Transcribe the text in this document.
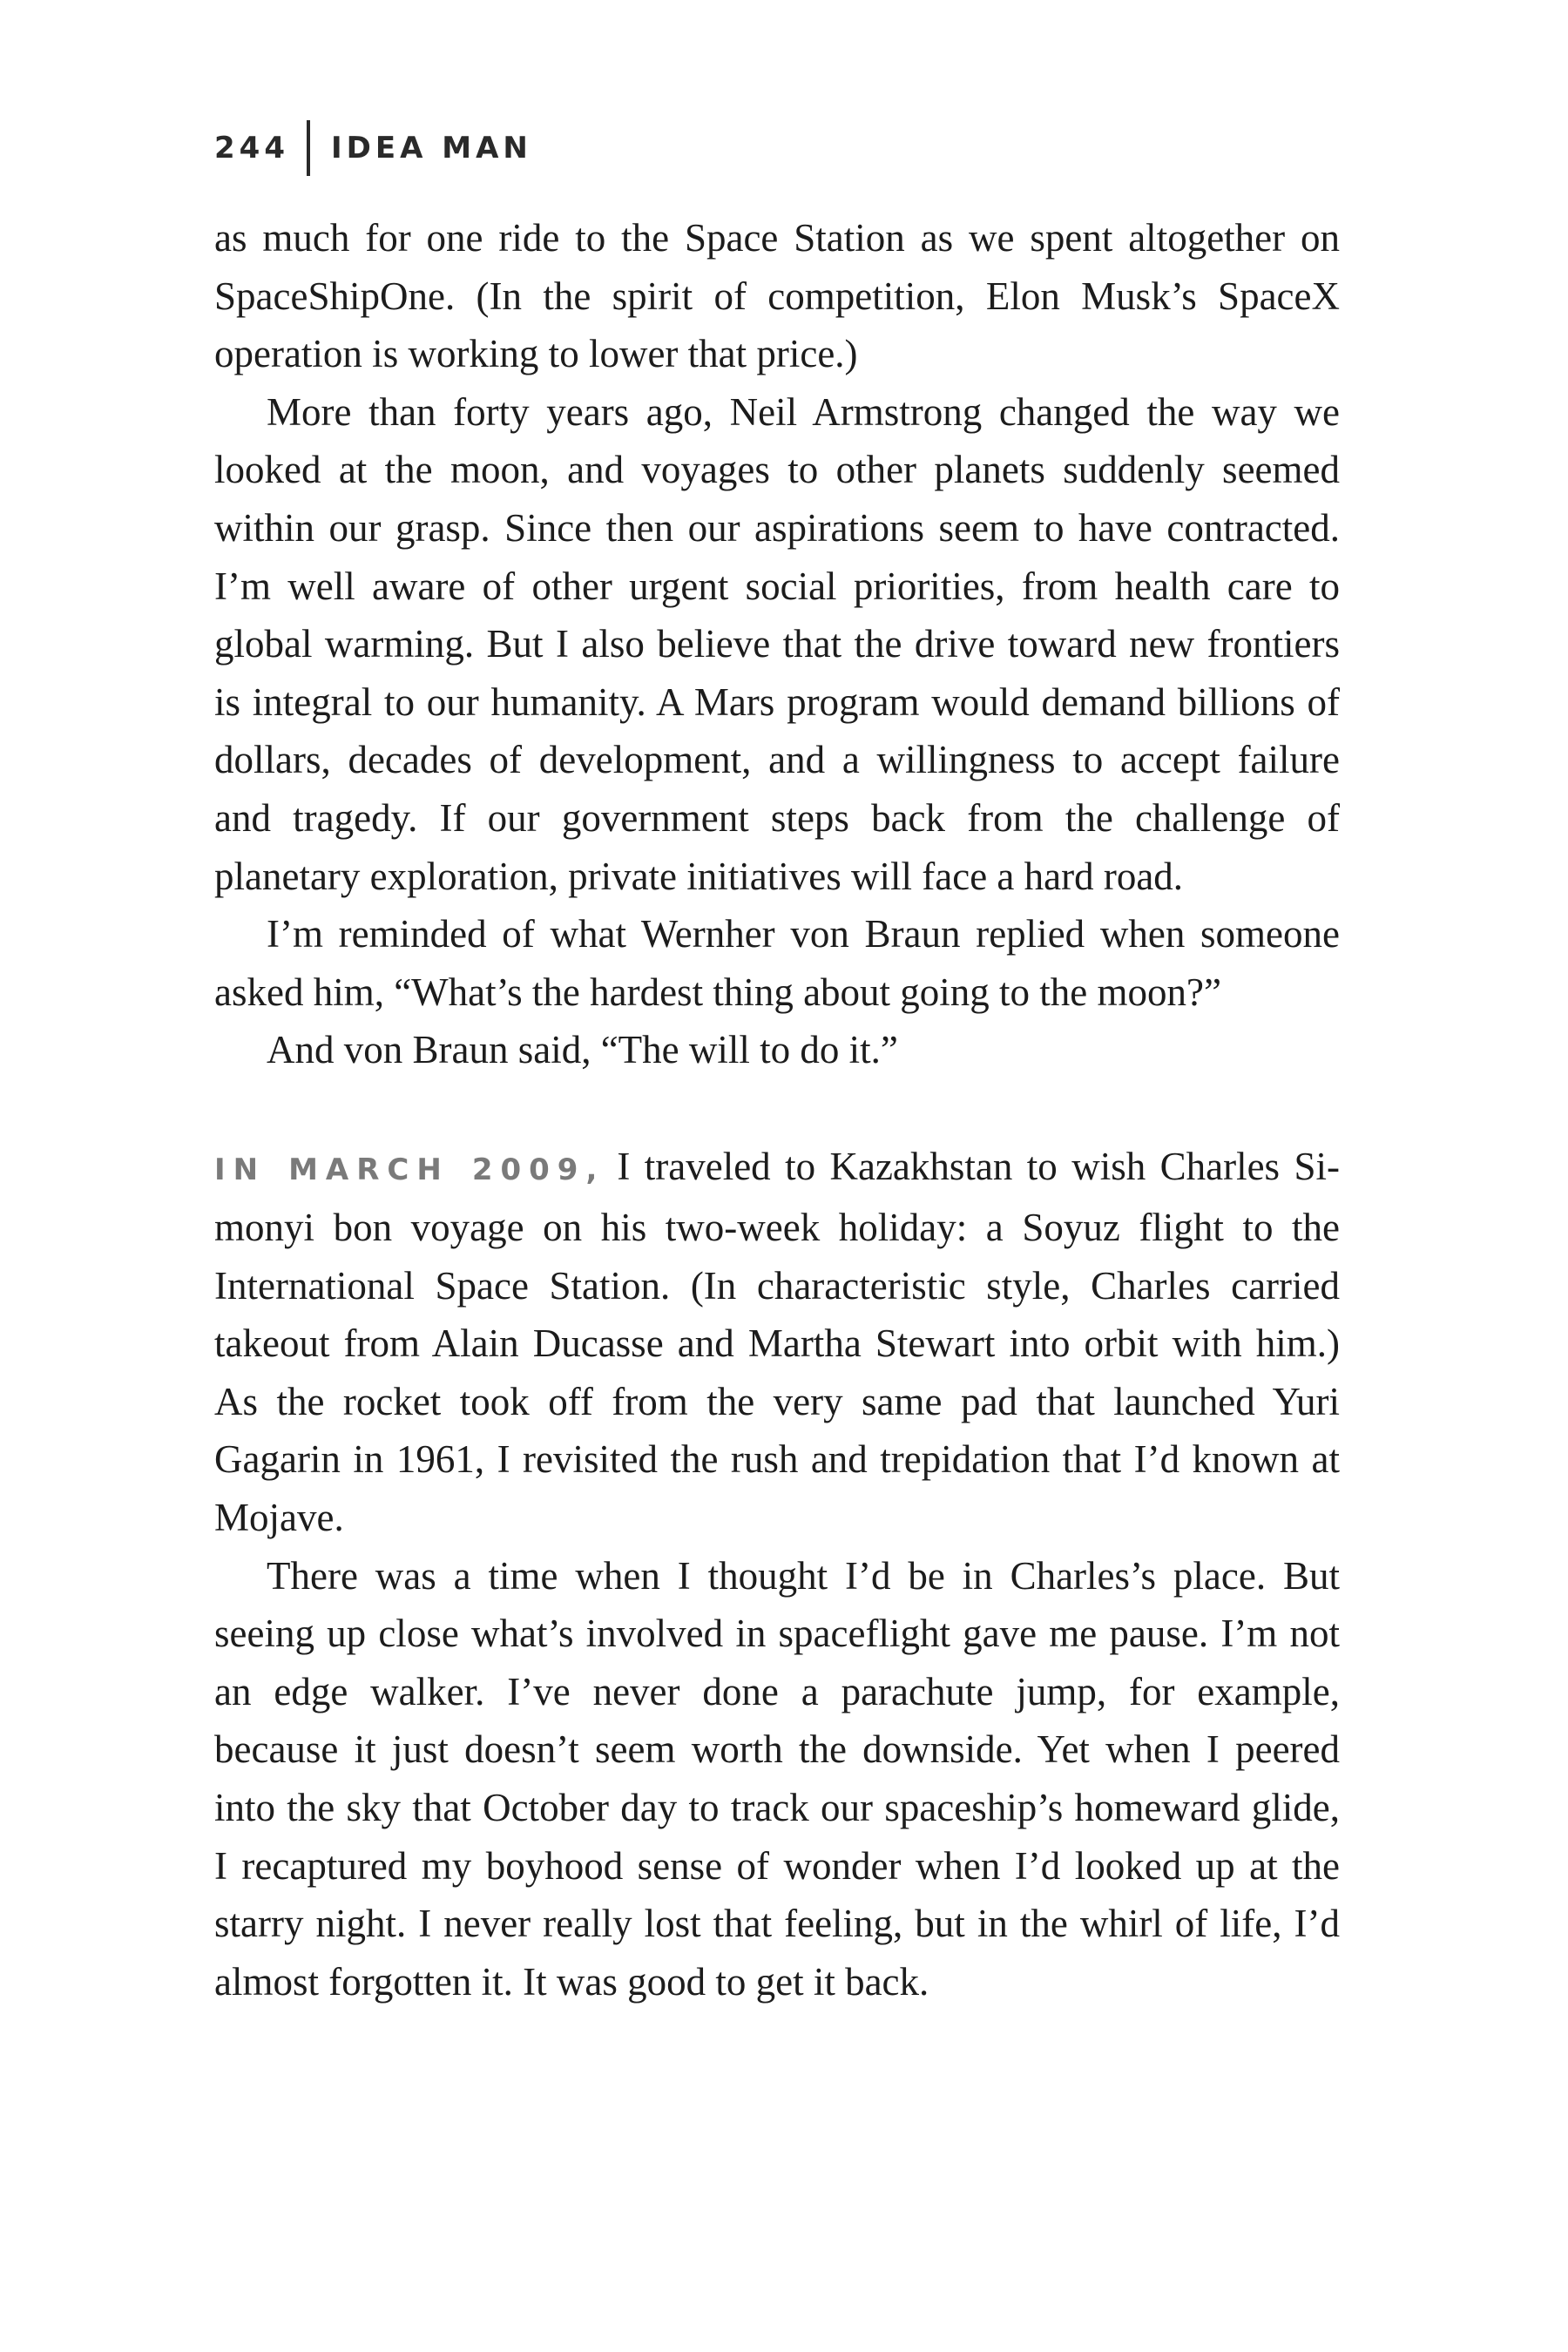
244 IDEA MAN

as much for one ride to the Space Station as we spent altogether on SpaceShipOne. (In the spirit of competition, Elon Musk’s SpaceX operation is working to lower that price.)

More than forty years ago, Neil Armstrong changed the way we looked at the moon, and voyages to other planets suddenly seemed within our grasp. Since then our aspirations seem to have contracted. I’m well aware of other urgent social priorities, from health care to global warming. But I also believe that the drive toward new frontiers is integral to our humanity. A Mars program would demand billions of dollars, decades of development, and a willingness to accept failure and tragedy. If our government steps back from the challenge of planetary exploration, private initiatives will face a hard road.

I’m reminded of what Wernher von Braun replied when someone asked him, “What’s the hardest thing about going to the moon?”

And von Braun said, “The will to do it.”

IN MARCH 2009, I traveled to Kazakhstan to wish Charles Simonyi bon voyage on his two-week holiday: a Soyuz flight to the International Space Station. (In characteristic style, Charles carried takeout from Alain Ducasse and Martha Stewart into orbit with him.) As the rocket took off from the very same pad that launched Yuri Gagarin in 1961, I revisited the rush and trepidation that I’d known at Mojave.

There was a time when I thought I’d be in Charles’s place. But seeing up close what’s involved in spaceflight gave me pause. I’m not an edge walker. I’ve never done a parachute jump, for example, because it just doesn’t seem worth the downside. Yet when I peered into the sky that October day to track our spaceship’s homeward glide, I recaptured my boyhood sense of wonder when I’d looked up at the starry night. I never really lost that feeling, but in the whirl of life, I’d almost forgotten it. It was good to get it back.
